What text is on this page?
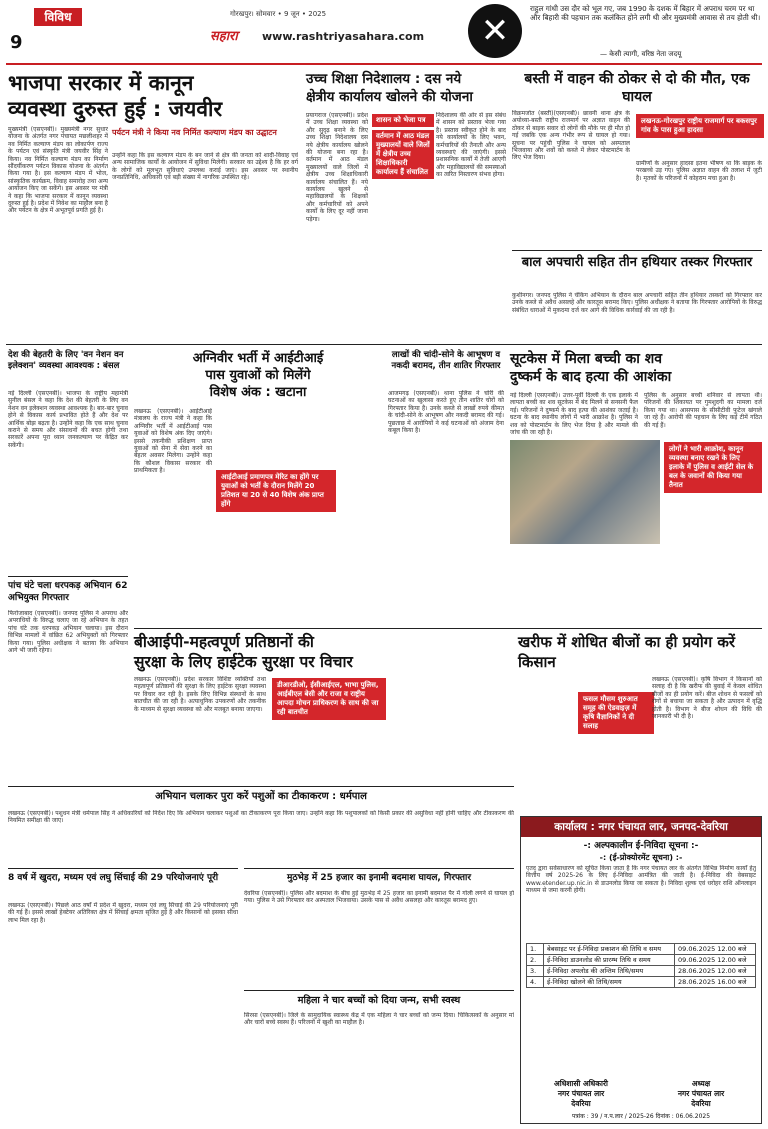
विविध
9
गोरखपुर। सोमवार • 9 जून • 2025
सहारा	www.rashtriyasahara.com	✕
राहुल गांधी उस दौर को भूल गए, जब 1990 के दशक में बिहार में अपराध चरम पर था और बिहारी की पहचान तक कलंकित होने लगी थी और मुख्यमंत्री आवास से तय होती थी।
— केसी त्यागी, वरिष्ठ नेता जदयू
भाजपा सरकार में कानून
व्यवस्था दुरुस्त हुई : जयवीर
मुख्यमंत्री (एसएनबी)। मुख्यमंत्री नगर सुधार योजना के अंतर्गत नगर पंचायत मछलीशहर में नव निर्मित कल्याण मंडप का लोकार्पण राज्य के पर्यटन एवं संस्कृति मंत्री जयवीर सिंह ने किया। नव निर्मित कल्याण मंडप का निर्माण सौंदर्यीकरण पर्यटन विकास योजना के अंतर्गत किया गया है। इस कल्याण मंडप में भोज, सांस्कृतिक कार्यक्रम, विवाह समारोह तथा अन्य आयोजन किए जा सकेंगे। इस अवसर पर मंत्री ने कहा कि भाजपा सरकार में कानून व्यवस्था दुरुस्त हुई है। प्रदेश में निवेश का माहौल बना है और पर्यटन के क्षेत्र में अभूतपूर्व प्रगति हुई है।
पर्यटन मंत्री ने किया नव निर्मित कल्याण मंडप का उद्घाटन
उन्होंने कहा कि इस कल्याण मंडप के बन जाने से क्षेत्र की जनता को शादी-विवाह एवं अन्य सामाजिक कार्यों के आयोजन में सुविधा मिलेगी। सरकार का उद्देश्य है कि हर वर्ग के लोगों को मूलभूत सुविधाएं उपलब्ध कराई जाएं। इस अवसर पर स्थानीय जनप्रतिनिधि, अधिकारी एवं बड़ी संख्या में नागरिक उपस्थित रहे।
उच्च शिक्षा निदेशालय : दस नये
क्षेत्रीय कार्यालय खोलने की योजना
प्रयागराज (एसएनबी)। प्रदेश में उच्च शिक्षा व्यवस्था को और सुदृढ़ बनाने के लिए उच्च शिक्षा निदेशालय दस नये क्षेत्रीय कार्यालय खोलने की योजना बना रहा है। वर्तमान में आठ मंडल मुख्यालयों वाले जिलों में क्षेत्रीय उच्च शिक्षाधिकारी कार्यालय संचालित हैं। नये कार्यालय खुलने से महाविद्यालयों के शिक्षकों और कर्मचारियों को अपने कार्यों के लिए दूर नहीं जाना पड़ेगा।
शासन को भेजा पत्र
वर्तमान में आठ मंडल मुख्यालयों वाले जिलों में क्षेत्रीय उच्च शिक्षाधिकारी कार्यालय हैं संचालित
निदेशालय की ओर से इस संबंध में शासन को प्रस्ताव भेजा गया है। प्रस्ताव स्वीकृत होने के बाद नये कार्यालयों के लिए भवन, कर्मचारियों की तैनाती और अन्य व्यवस्थाएं की जाएंगी। इससे प्रशासनिक कार्यों में तेजी आएगी और महाविद्यालयों की समस्याओं का त्वरित निस्तारण संभव होगा।
बस्ती में वाहन की ठोकर से दो की मौत, एक घायल
विक्रमजोत (बस्ती)(एसएनबी)। छावनी थाना क्षेत्र के अयोध्या-बस्ती राष्ट्रीय राजमार्ग पर अज्ञात वाहन की ठोकर से बाइक सवार दो लोगों की मौके पर ही मौत हो गई जबकि एक अन्य गंभीर रूप से घायल हो गया। सूचना पर पहुंची पुलिस ने घायल को अस्पताल भिजवाया और शवों को कब्जे में लेकर पोस्टमार्टम के लिए भेज दिया।
लखनऊ-गोरखपुर राष्ट्रीय राजमार्ग पर बकसपुर गांव के पास हुआ हादसा
ग्रामीणों के अनुसार हादसा इतना भीषण था कि बाइक के परखच्चे उड़ गए। पुलिस अज्ञात वाहन की तलाश में जुटी है। मृतकों के परिजनों में कोहराम मचा हुआ है।
बाल अपचारी सहित तीन हथियार तस्कर गिरफ्तार
कुशीनगर। जनपद पुलिस ने चेकिंग अभियान के दौरान बाल अपचारी सहित तीन हथियार तस्करों को गिरफ्तार कर उनके कब्जे से अवैध असलहे और कारतूस बरामद किए। पुलिस अधीक्षक ने बताया कि गिरफ्तार आरोपियों के विरुद्ध संबंधित धाराओं में मुकदमा दर्ज कर आगे की विधिक कार्रवाई की जा रही है।
देश की बेहतरी के लिए 'वन नेशन वन इलेक्शन' व्यवस्था आवश्यक : बंसल
नई दिल्ली (एसएनबी)। भाजपा के राष्ट्रीय महामंत्री सुनील बंसल ने कहा कि देश की बेहतरी के लिए वन नेशन वन इलेक्शन व्यवस्था आवश्यक है। बार-बार चुनाव होने से विकास कार्य प्रभावित होते हैं और देश पर आर्थिक बोझ बढ़ता है। उन्होंने कहा कि एक साथ चुनाव कराने से समय और संसाधनों की बचत होगी तथा सरकारें अपना पूरा ध्यान जनकल्याण पर केंद्रित कर सकेंगी।
पांच घंटे चला धरपकड़ अभियान 62 अभियुक्त गिरफ्तार
फिरोजाबाद (एसएनबी)। जनपद पुलिस ने अपराध और अपराधियों के विरुद्ध चलाए जा रहे अभियान के तहत पांच घंटे तक धरपकड़ अभियान चलाया। इस दौरान विभिन्न मामलों में वांछित 62 अभियुक्तों को गिरफ्तार किया गया। पुलिस अधीक्षक ने बताया कि अभियान आगे भी जारी रहेगा।
अग्निवीर भर्ती में आईटीआई
पास युवाओं को मिलेंगे
विशेष अंक : खटाना
आईटीआई प्रमाणपत्र मेरिट का होंगे पर युवाओं को भर्ती के दौरान मिलेंगे 20 प्रतिशत या 20 से 40 विशेष अंक प्राप्त होंगे
लखनऊ (एसएनबी)। आईटीआई मंत्रालय के राज्य मंत्री ने कहा कि अग्निवीर भर्ती में आईटीआई पास युवाओं को विशेष अंक दिए जाएंगे। इससे तकनीकी प्रशिक्षण प्राप्त युवाओं को सेना में सेवा करने का बेहतर अवसर मिलेगा। उन्होंने कहा कि कौशल विकास सरकार की प्राथमिकता है।
लाखों की चांदी-सोने के आभूषण व नकदी बरामद, तीन शातिर गिरफ्तार
आजमगढ़ (एसएनबी)। थाना पुलिस ने चोरी की घटनाओं का खुलासा करते हुए तीन शातिर चोरों को गिरफ्तार किया है। उनके कब्जे से लाखों रुपये कीमत के चांदी-सोने के आभूषण और नकदी बरामद की गई। पूछताछ में आरोपियों ने कई घटनाओं को अंजाम देना कबूल किया है।
सूटकेस में मिला बच्ची का शव
दुष्कर्म के बाद हत्या की आशंका
नई दिल्ली (एसएनबी)। उत्तर-पूर्वी दिल्ली के एक इलाके में लापता बच्ची का शव सूटकेस में बंद मिलने से सनसनी फैल गई। परिजनों ने दुष्कर्म के बाद हत्या की आशंका जताई है। घटना के बाद स्थानीय लोगों में भारी आक्रोश है। पुलिस ने शव को पोस्टमार्टम के लिए भेज दिया है और मामले की जांच की जा रही है।
लोगों ने भारी आक्रोश, कानून व्यवस्था बनाए रखने के लिए इलाके में पुलिस व आईटी सेल के बल के जवानों की किया गया तैनात
पुलिस के अनुसार बच्ची शनिवार से लापता थी। परिजनों की शिकायत पर गुमशुदगी का मामला दर्ज किया गया था। आसपास के सीसीटीवी फुटेज खंगाले जा रहे हैं। आरोपी की पहचान के लिए कई टीमें गठित की गई हैं।
बीआईपी-महत्वपूर्ण प्रतिष्ठानों की
सुरक्षा के लिए हाईटेक सुरक्षा पर विचार
डीआरडीओ, ईसीआईएल, भाभा पुलिस, आईबीएल बेसी और राजा व राष्ट्रीय आपदा मोचन प्राधिकरण के साथ की जा रही बातचीत
लखनऊ (एसएनबी)। प्रदेश सरकार विशिष्ट व्यक्तियों तथा महत्वपूर्ण प्रतिष्ठानों की सुरक्षा के लिए हाईटेक सुरक्षा व्यवस्था पर विचार कर रही है। इसके लिए विभिन्न संस्थानों के साथ बातचीत की जा रही है। अत्याधुनिक उपकरणों और तकनीक के माध्यम से सुरक्षा व्यवस्था को और मजबूत बनाया जाएगा।
खरीफ में शोधित बीजों का ही प्रयोग करें किसान
फसल मौसम शुरुआत समूह की ऐडवाइज़ में कृषि वैज्ञानिकों ने दी सलाह
लखनऊ (एसएनबी)। कृषि विभाग ने किसानों को सलाह दी है कि खरीफ की बुवाई में केवल शोधित बीजों का ही प्रयोग करें। बीज शोधन से फसलों को रोगों से बचाया जा सकता है और उत्पादन में वृद्धि होती है। विभाग ने बीज शोधन की विधि की जानकारी भी दी है।
अभियान चलाकर पुरा करें पशुओं का टीकाकरण : धर्मपाल
लखनऊ (एसएनबी)। पशुधन मंत्री धर्मपाल सिंह ने अधिकारियों को निर्देश दिए कि अभियान चलाकर पशुओं का टीकाकरण पूरा किया जाए। उन्होंने कहा कि पशुपालकों को किसी प्रकार की असुविधा नहीं होनी चाहिए और टीकाकरण की नियमित समीक्षा की जाए।
8 वर्ष में खुदरा, मध्यम एवं लघु सिंचाई की 29 परियोजनाएं पूरी
लखनऊ (एसएनबी)। पिछले आठ वर्षों में प्रदेश में खुदरा, मध्यम एवं लघु सिंचाई की 29 परियोजनाएं पूरी की गई हैं। इससे लाखों हेक्टेयर अतिरिक्त क्षेत्र में सिंचाई क्षमता सृजित हुई है और किसानों को इसका सीधा लाभ मिल रहा है।
मुठभेड़ में 25 हजार का इनामी बदमाश घायल, गिरफ्तार
देवरिया (एसएनबी)। पुलिस और बदमाश के बीच हुई मुठभेड़ में 25 हजार का इनामी बदमाश पैर में गोली लगने से घायल हो गया। पुलिस ने उसे गिरफ्तार कर अस्पताल भिजवाया। उसके पास से अवैध असलहा और कारतूस बरामद हुए।
महिला ने चार बच्चों को दिया जन्म, सभी स्वस्थ
सिरसा (एसएनबी)। जिले के सामुदायिक स्वास्थ्य केंद्र में एक महिला ने चार बच्चों को जन्म दिया। चिकित्सकों के अनुसार मां और चारों बच्चे स्वस्थ हैं। परिजनों में खुशी का माहौल है।
कार्यालय : नगर पंचायत लार, जनपद-देवरिया
-: अल्पकालीन ई-निविदा सूचना :-
-: (ई-प्रोक्योरमेंट सूचना) :-
एतद् द्वारा सर्वसाधारण को सूचित किया जाता है कि नगर पंचायत लार के अंतर्गत विभिन्न निर्माण कार्यों हेतु वित्तीय वर्ष 2025-26 के लिए ई-निविदा आमंत्रित की जाती है। ई-निविदा की वेबसाइट www.etender.up.nic.in से डाउनलोड किया जा सकता है। निविदा शुल्क एवं धरोहर राशि ऑनलाइन माध्यम से जमा करनी होगी।
1.	बेबसाइट पर ई-निविदा प्रकाशन की तिथि व समय	09.06.2025 12.00 बजे
2.	ई-निविदा डाउनलोड की प्रारम्भ तिथि व समय	09.06.2025 12.00 बजे
3.	ई-निविदा अपलोड की अन्तिम तिथि/समय	28.06.2025 12.00 बजे
4.	ई-निविदा खोलने की तिथि/समय	28.06.2025 16.00 बजे
अधिशासी अधिकारी
नगर पंचायत लार
देवरिया
अध्यक्ष
नगर पंचायत लार
देवरिया
पत्रांक : 39 / न.प.लार / 2025-26 दिनांक : 06.06.2025
